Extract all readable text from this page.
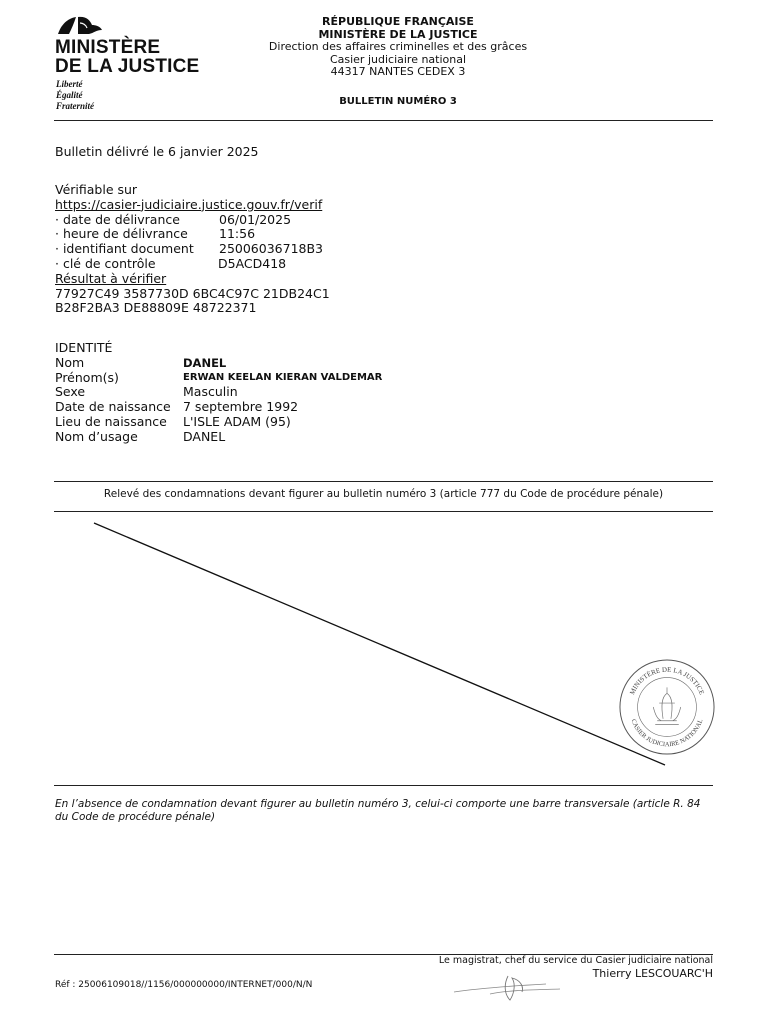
MINISTÈRE
DE LA JUSTICE
Liberté
Égalité
Fraternité
RÉPUBLIQUE FRANÇAISE
MINISTÈRE DE LA JUSTICE
Direction des affaires criminelles et des grâces
Casier judiciaire national
44317 NANTES CEDEX 3
BULLETIN NUMÉRO 3
Bulletin délivré le 6 janvier 2025
Vérifiable sur
https://casier-judiciaire.justice.gouv.fr/verif
· date de délivrance	06/01/2025
· heure de délivrance	11:56
· identifiant document	25006036718B3
· clé de contrôle	D5ACD418
Résultat à vérifier
77927C49 3587730D 6BC4C97C 21DB24C1
B28F2BA3 DE88809E 48722371
IDENTITÉ
Nom	DANEL
Prénom(s)	ERWAN KEELAN KIERAN VALDEMAR
Sexe	Masculin
Date de naissance 7 septembre 1992
Lieu de naissance	L'ISLE ADAM (95)
Nom d’usage	DANEL
Relevé des condamnations devant figurer au bulletin numéro 3 (article 777 du Code de procédure pénale)
MINISTÈRE DE LA JUSTICE
CASIER JUDICIAIRE NATIONAL
En l’absence de condamnation devant figurer au bulletin numéro 3, celui-ci comporte une barre transversale (article R. 84 du Code de procédure pénale)
Le magistrat, chef du service du Casier judiciaire national
Thierry LESCOUARC'H
Réf : 25006109018//1156/000000000/INTERNET/000/N/N
